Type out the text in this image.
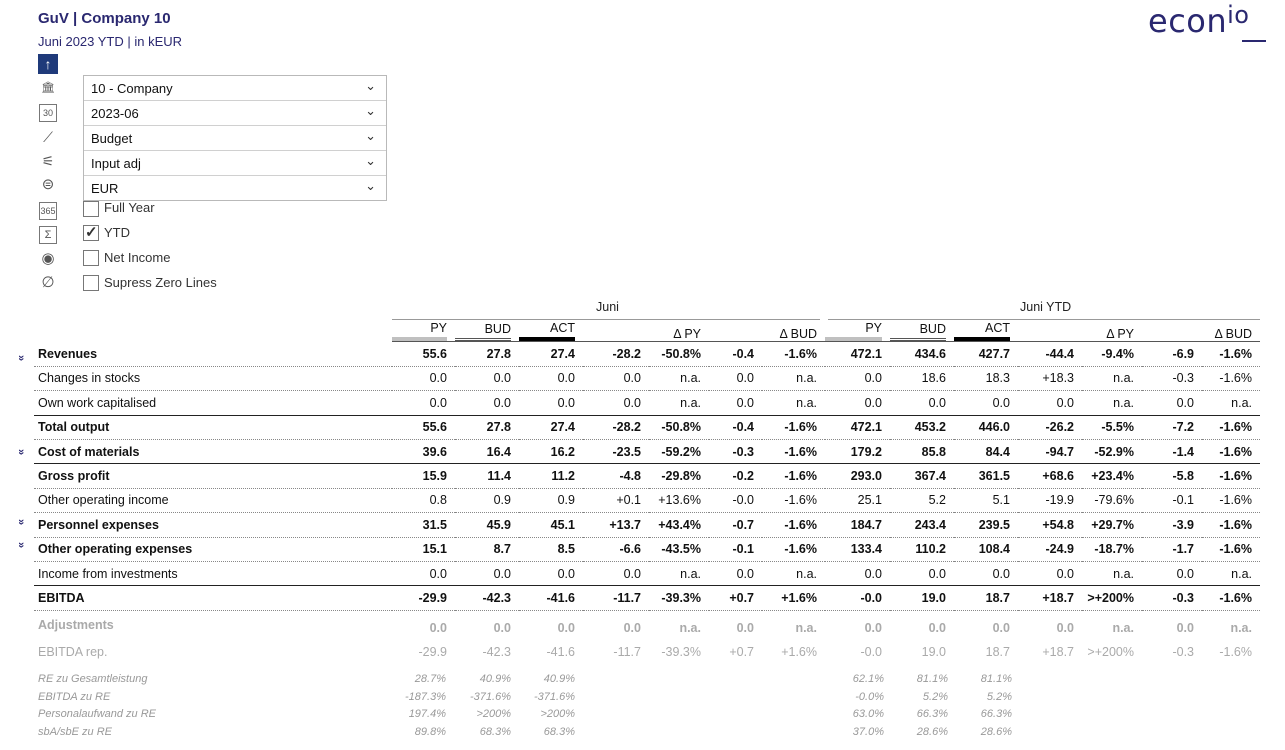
GuV | Company 10
Juni 2023 YTD | in kEUR
econ$^{io}$
↑
🏛
30
⟋
⚟
⊜
10 - Company	⌄
2023-06	⌄
Budget	⌄
Input adj	⌄
EUR	⌄
365
Σ
◉
∅
Full Year
✓
YTD
Net Income
Supress Zero Lines
Juni	Juni YTD
	PY	BUD	ACT		Δ PY		Δ BUD	PY	BUD	ACT		Δ PY		Δ BUD
Revenues	55.6	27.8	27.4	-28.2	-50.8%	-0.4	-1.6%	472.1	434.6	427.7	-44.4	-9.4%	-6.9	-1.6%
Changes in stocks	0.0	0.0	0.0	0.0	n.a.	0.0	n.a.	0.0	18.6	18.3	+18.3	n.a.	-0.3	-1.6%
Own work capitalised	0.0	0.0	0.0	0.0	n.a.	0.0	n.a.	0.0	0.0	0.0	0.0	n.a.	0.0	n.a.
Total output	55.6	27.8	27.4	-28.2	-50.8%	-0.4	-1.6%	472.1	453.2	446.0	-26.2	-5.5%	-7.2	-1.6%
Cost of materials	39.6	16.4	16.2	-23.5	-59.2%	-0.3	-1.6%	179.2	85.8	84.4	-94.7	-52.9%	-1.4	-1.6%
Gross profit	15.9	11.4	11.2	-4.8	-29.8%	-0.2	-1.6%	293.0	367.4	361.5	+68.6	+23.4%	-5.8	-1.6%
Other operating income	0.8	0.9	0.9	+0.1	+13.6%	-0.0	-1.6%	25.1	5.2	5.1	-19.9	-79.6%	-0.1	-1.6%
Personnel expenses	31.5	45.9	45.1	+13.7	+43.4%	-0.7	-1.6%	184.7	243.4	239.5	+54.8	+29.7%	-3.9	-1.6%
Other operating expenses	15.1	8.7	8.5	-6.6	-43.5%	-0.1	-1.6%	133.4	110.2	108.4	-24.9	-18.7%	-1.7	-1.6%
Income from investments	0.0	0.0	0.0	0.0	n.a.	0.0	n.a.	0.0	0.0	0.0	0.0	n.a.	0.0	n.a.
EBITDA	-29.9	-42.3	-41.6	-11.7	-39.3%	+0.7	+1.6%	-0.0	19.0	18.7	+18.7	>+200%	-0.3	-1.6%
Adjustments	0.0	0.0	0.0	0.0	n.a.	0.0	n.a.	0.0	0.0	0.0	0.0	n.a.	0.0	n.a.
EBITDA rep.	-29.9	-42.3	-41.6	-11.7	-39.3%	+0.7	+1.6%	-0.0	19.0	18.7	+18.7	>+200%	-0.3	-1.6%
»
»
»
»
RE zu Gesamtleistung	28.7%	40.9%	40.9%	62.1%	81.1%	81.1%
EBITDA zu RE	-187.3% -371.6% -371.6%	-0.0%	5.2%	5.2%
Personalaufwand zu RE	197.4%	>200%	>200%	63.0%	66.3%	66.3%
sbA/sbE zu RE	89.8%	68.3%	68.3%	37.0%	28.6%	28.6%
